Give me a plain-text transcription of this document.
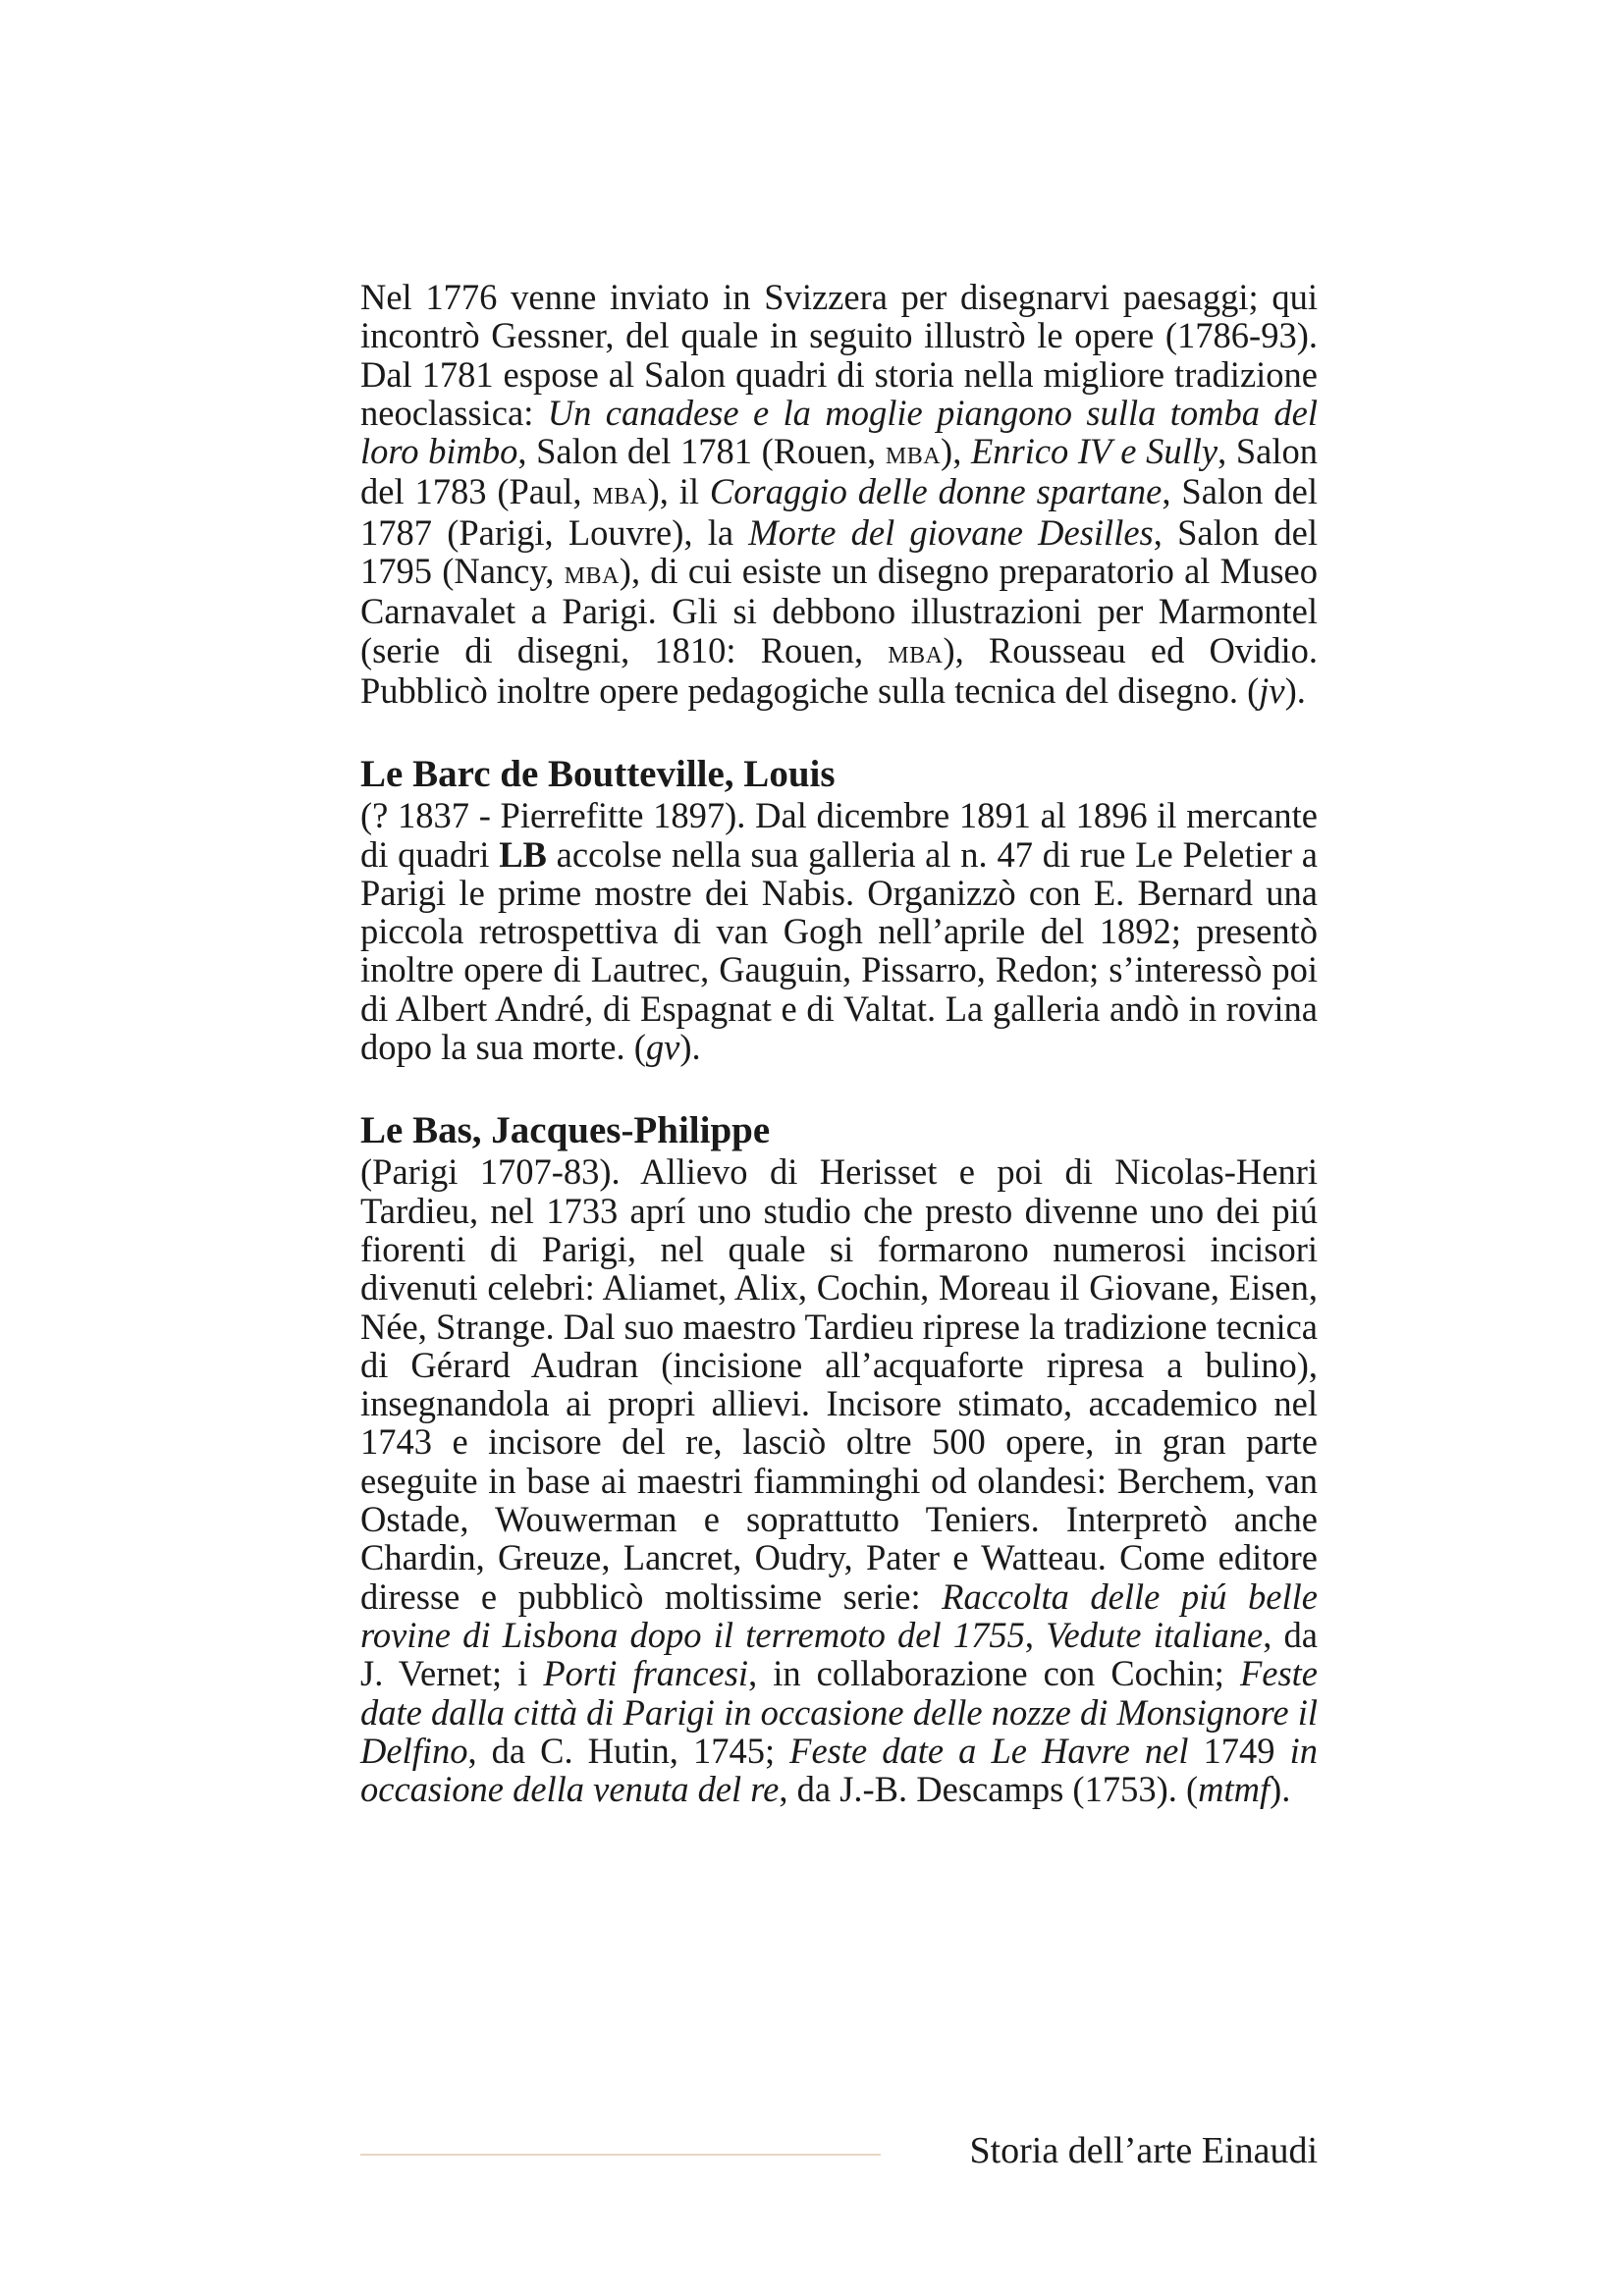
Nel 1776 venne inviato in Svizzera per disegnarvi paesaggi; qui incontrò Gessner, del quale in seguito illustrò le opere (1786-93). Dal 1781 espose al Salon quadri di storia nella migliore tradizione neoclassica: Un canadese e la moglie piangono sulla tomba del loro bimbo, Salon del 1781 (Rouen, mba), Enrico IV e Sully, Salon del 1783 (Paul, mba), il Coraggio delle donne spartane, Salon del 1787 (Parigi, Louvre), la Morte del giovane Desilles, Salon del 1795 (Nancy, mba), di cui esiste un disegno preparatorio al Museo Carnavalet a Parigi. Gli si debbono illustrazioni per Marmontel (serie di disegni, 1810: Rouen, mba), Rousseau ed Ovidio. Pubblicò inoltre opere pedagogiche sulla tecnica del disegno. (jv).

Le Barc de Boutteville, Louis

(? 1837 - Pierrefitte 1897). Dal dicembre 1891 al 1896 il mercante di quadri LB accolse nella sua galleria al n. 47 di rue Le Peletier a Parigi le prime mostre dei Nabis. Organizzò con E. Bernard una piccola retrospettiva di van Gogh nell’aprile del 1892; presentò inoltre opere di Lautrec, Gauguin, Pissarro, Redon; s’interessò poi di Albert André, di Espagnat e di Valtat. La galleria andò in rovina dopo la sua morte. (gv).

Le Bas, Jacques-Philippe

(Parigi 1707-83). Allievo di Herisset e poi di Nicolas-Henri Tardieu, nel 1733 aprí uno studio che presto divenne uno dei piú fiorenti di Parigi, nel quale si formarono numerosi incisori divenuti celebri: Aliamet, Alix, Cochin, Moreau il Giovane, Eisen, Née, Strange. Dal suo maestro Tardieu riprese la tradizione tecnica di Gérard Audran (incisione all’acquaforte ripresa a bulino), insegnandola ai propri allievi. Incisore stimato, accademico nel 1743 e incisore del re, lasciò oltre 500 opere, in gran parte eseguite in base ai maestri fiamminghi od olandesi: Berchem, van Ostade, Wouwerman e soprattutto Teniers. Interpretò anche Chardin, Greuze, Lancret, Oudry, Pater e Watteau. Come editore diresse e pubblicò moltissime serie: Raccolta delle piú belle rovine di Lisbona dopo il terremoto del 1755, Vedute italiane, da J. Vernet; i Porti francesi, in collaborazione con Cochin; Feste date dalla città di Parigi in occasione delle nozze di Monsignore il Delfino, da C. Hutin, 1745; Feste date a Le Havre nel 1749 in occasione della venuta del re, da J.-B. Descamps (1753). (mtmf).

Storia dell’arte Einaudi
